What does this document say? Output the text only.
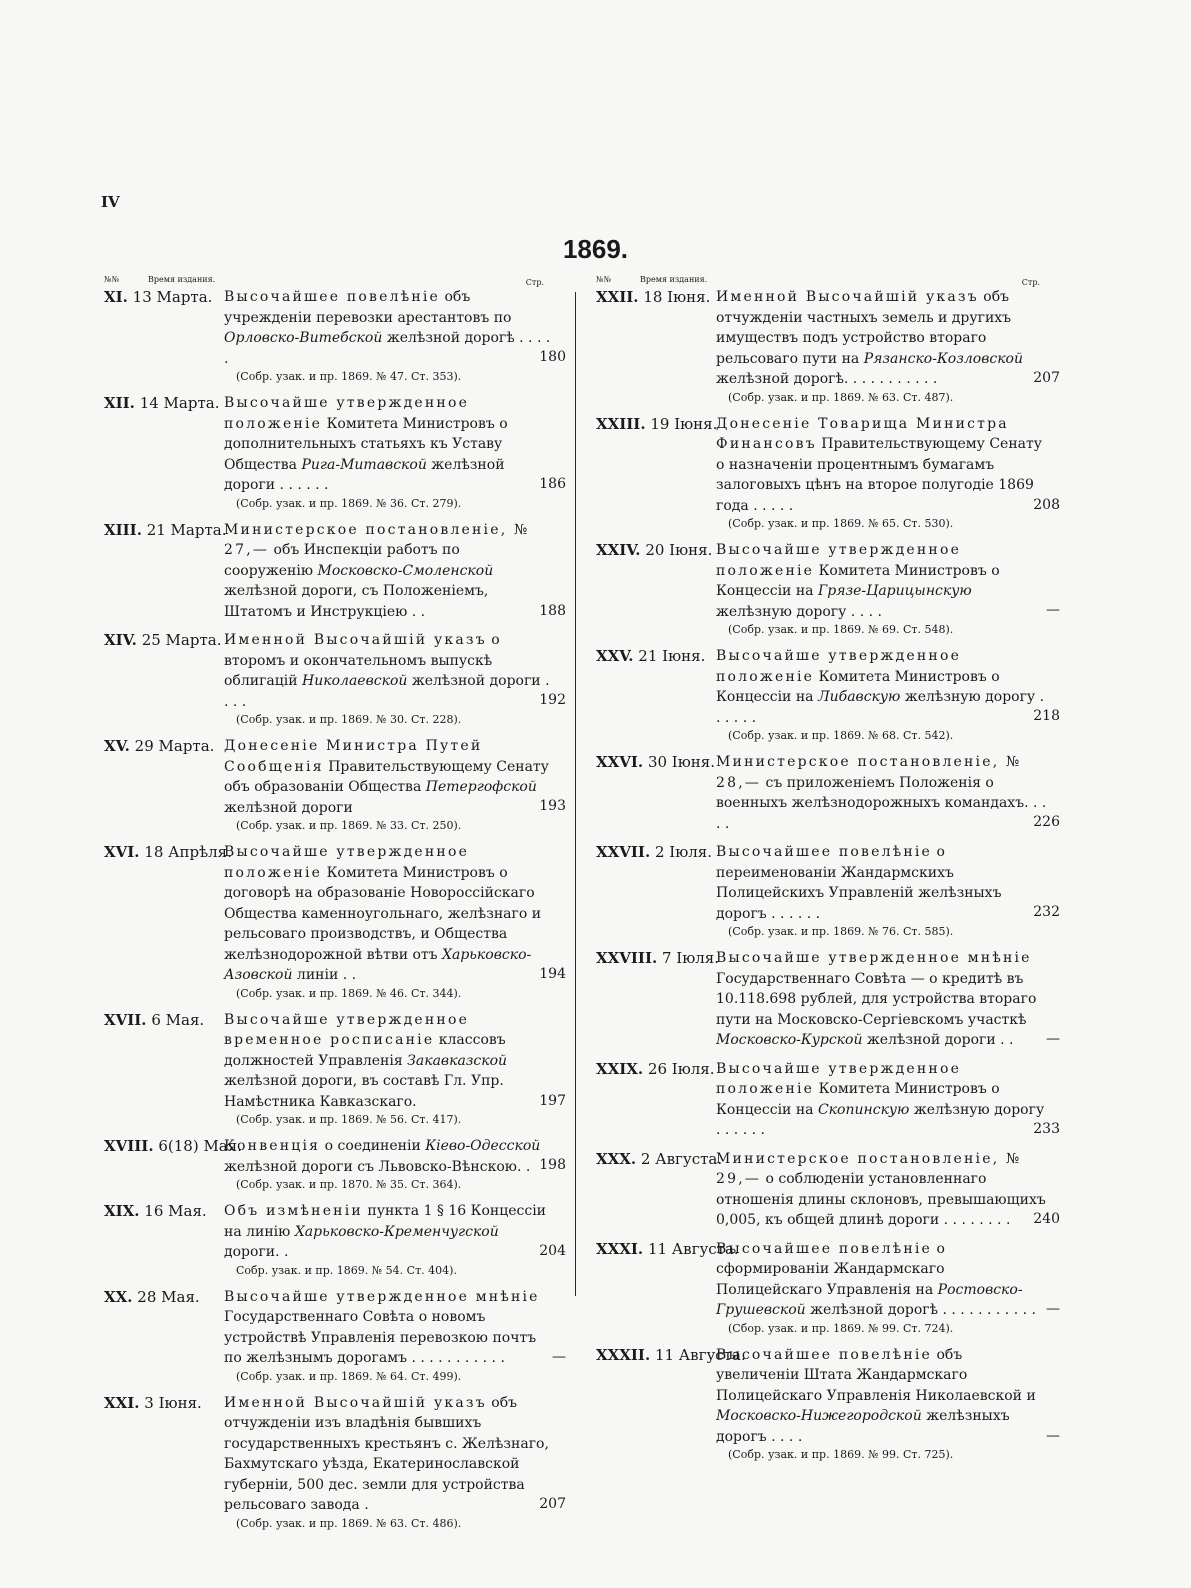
IV
1869.
№№	Время издания.	Стр.
XI. 13 Марта. Высочайшее повелѣніе объ учрежденіи перевозки арестантовъ по Орловско-Витебской желѣзной дорогѣ . . . . .	180
(Собр. узак. и пр. 1869. № 47. Ст. 353).
XII. 14 Марта. Высочайше утвержденное положеніе Комитета Министровъ о дополнительныхъ статьяхъ къ Уставу Общества Рига-Митавской желѣзной дороги . . . . . .	186
(Собр. узак. и пр. 1869. № 36. Ст. 279).
XIII. 21 Марта.
Министерское постановленіе, № 27,— объ Инспекціи работъ по сооруженію Московско-Смоленской желѣзной дороги, съ Положеніемъ, Штатомъ и Инструкціею . .	188
XIV. 25 Марта. Именной Высочайшій указъ о второмъ и окончательномъ выпускѣ облигацій Николаевской желѣзной дороги . . . .	192
(Собр. узак. и пр. 1869. № 30. Ст. 228).
XV. 29 Марта. Донесеніе Министра Путей Сообщенія Правительствующему Сенату объ образованіи Общества Петергофской желѣзной дороги	193
(Собр. узак. и пр. 1869. № 33. Ст. 250).
XVI. 18 Апрѣля.
Высочайше утвержденное положеніе Комитета Министровъ о договорѣ на образованіе Новороссійскаго Общества каменноугольнаго, желѣзнаго и рельсоваго производствъ, и Общества желѣзнодорожной вѣтви отъ Харьковско-Азовской линіи . .	194
(Собр. узак. и пр. 1869. № 46. Ст. 344).
XVII. 6 Мая.	Высочайше утвержденное временное росписаніе классовъ должностей Управленія Закавказской желѣзной дороги, въ составѣ Гл. Упр. Намѣстника Кавказскаго.	197
(Собр. узак. и пр. 1869. № 56. Ст. 417).
XVIII. 6(18) Мая.
Конвенція о соединеніи Кіево-Одесской желѣзной дороги съ Львовско-Вѣнскою. . 198
(Собр. узак. и пр. 1870. № 35. Ст. 364).
XIX. 16 Мая.	Объ измѣненіи пункта 1 § 16 Концессіи на линію Харьковско-Кременчугской дороги. .	204
Собр. узак. и пр. 1869. № 54. Ст. 404).
XX. 28 Мая.	Высочайше утвержденное мнѣніе Государственнаго Совѣта о новомъ устройствѣ Управленія перевозкою почтъ по желѣзнымъ дорогамъ . . . . . . . . . . .	—
(Собр. узак. и пр. 1869. № 64. Ст. 499).
XXI. 3 Іюня.	Именной Высочайшій указъ объ отчужденіи изъ владѣнія бывшихъ государственныхъ крестьянъ с. Желѣзнаго, Бахмутскаго уѣзда, Екатеринославской губерніи, 500 дес. земли для устройства рельсоваго завода .	207
(Собр. узак. и пр. 1869. № 63. Ст. 486).
№№	Время издания.	Стр.
XXII. 18 Іюня. Именной Высочайшій указъ объ отчужденіи частныхъ земель и другихъ имуществъ подъ устройство втораго рельсоваго пути на Рязанско-Козловской желѣзной дорогѣ. . . . . . . . . . .	207
(Собр. узак. и пр. 1869. № 63. Ст. 487).
XXIII. 19 Іюня.
Донесеніе Товарища Министра Финансовъ Правительствующему Сенату о назначеніи процентнымъ бумагамъ залоговыхъ цѣнъ на второе полугодіе 1869 года . . . . .	208
(Собр. узак. и пр. 1869. № 65. Ст. 530).
XXIV. 20 Іюня. Высочайше утвержденное положеніе Комитета Министровъ о Концессіи на Грязе-Царицынскую желѣзную дорогу . . . .	—
(Собр. узак. и пр. 1869. № 69. Ст. 548).
XXV. 21 Іюня. Высочайше утвержденное положеніе Комитета Министровъ о Концессіи на Либавскую желѣзную дорогу . . . . . .	218
(Собр. узак. и пр. 1869. № 68. Ст. 542).
XXVI. 30 Іюня. Министерское постановленіе, № 28,— съ приложеніемъ Положенія о военныхъ желѣзнодорожныхъ командахъ. . . . .	226
XXVII. 2 Іюля. Высочайшее повелѣніе о переименованіи Жандармскихъ Полицейскихъ Управленій желѣзныхъ дорогъ . . . . . .	232
(Собр. узак. и пр. 1869. № 76. Ст. 585).
XXVIII. 7 Іюля.
Высочайше утвержденное мнѣніе Государственнаго Совѣта — о кредитѣ въ 10.118.698 рублей, для устройства втораго пути на Московско-Сергіевскомъ участкѣ Московско-Курской желѣзной дороги . .	—
XXIX. 26 Іюля. Высочайше утвержденное положеніе Комитета Министровъ о Концессіи на Скопинскую желѣзную дорогу . . . . . .	233
XXX. 2 Августа.
Министерское постановленіе, № 29,— о соблюденіи установленнаго отношенія длины склоновъ, превышающихъ 0,005, къ общей длинѣ дороги . . . . . . . .	240
XXXI. 11 Августа.
Высочайшее повелѣніе о сформированіи Жандармскаго Полицейскаго Управленія на Ростовско-Грушевской желѣзной дорогѣ . . . . . . . . . . . —
(Сбор. узак. и пр. 1869. № 99. Ст. 724).
XXXII. 11 Августа.
Высочайшее повелѣніе объ увеличеніи Штата Жандармскаго Полицейскаго Управленія Николаевской и Московско-Нижегородской желѣзныхъ дорогъ . . . .	—
(Собр. узак. и пр. 1869. № 99. Ст. 725).
